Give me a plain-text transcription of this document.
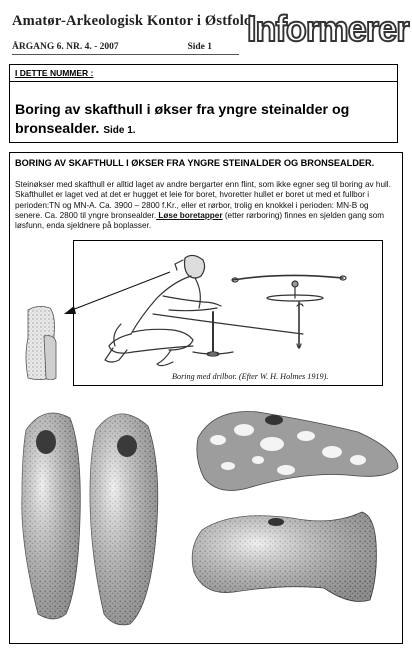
Amatør-Arkeologisk Kontor i Østfold
ÅRGANG 6. NR. 4. - 2007	Side 1 Informerer
I DETTE NUMMER :
Boring av skafthull i økser fra yngre steinalder og bronsealder. Side 1.
BORING AV SKAFTHULL I ØKSER FRA YNGRE STEINALDER OG BRONSEALDER.
Steinøkser med skafthull er alltid laget av andre bergarter enn flint, som ikke egner seg til boring av hull. Skafthullet er laget ved at det er hugget et leie for boret, hvoretter hullet er boret ut med et fullbor i perioden:TN og MN-A. Ca. 3900 – 2800 f.Kr., eller et rørbor, trolig en knokkel i perioden: MN-B og senere. Ca. 2800 til yngre bronsealder. Løse boretapper (etter rørboring) finnes en sjelden gang som løsfunn, enda sjeldnere på boplasser.
Boring med drilbor. (Efter W. H. Holmes 1919).
